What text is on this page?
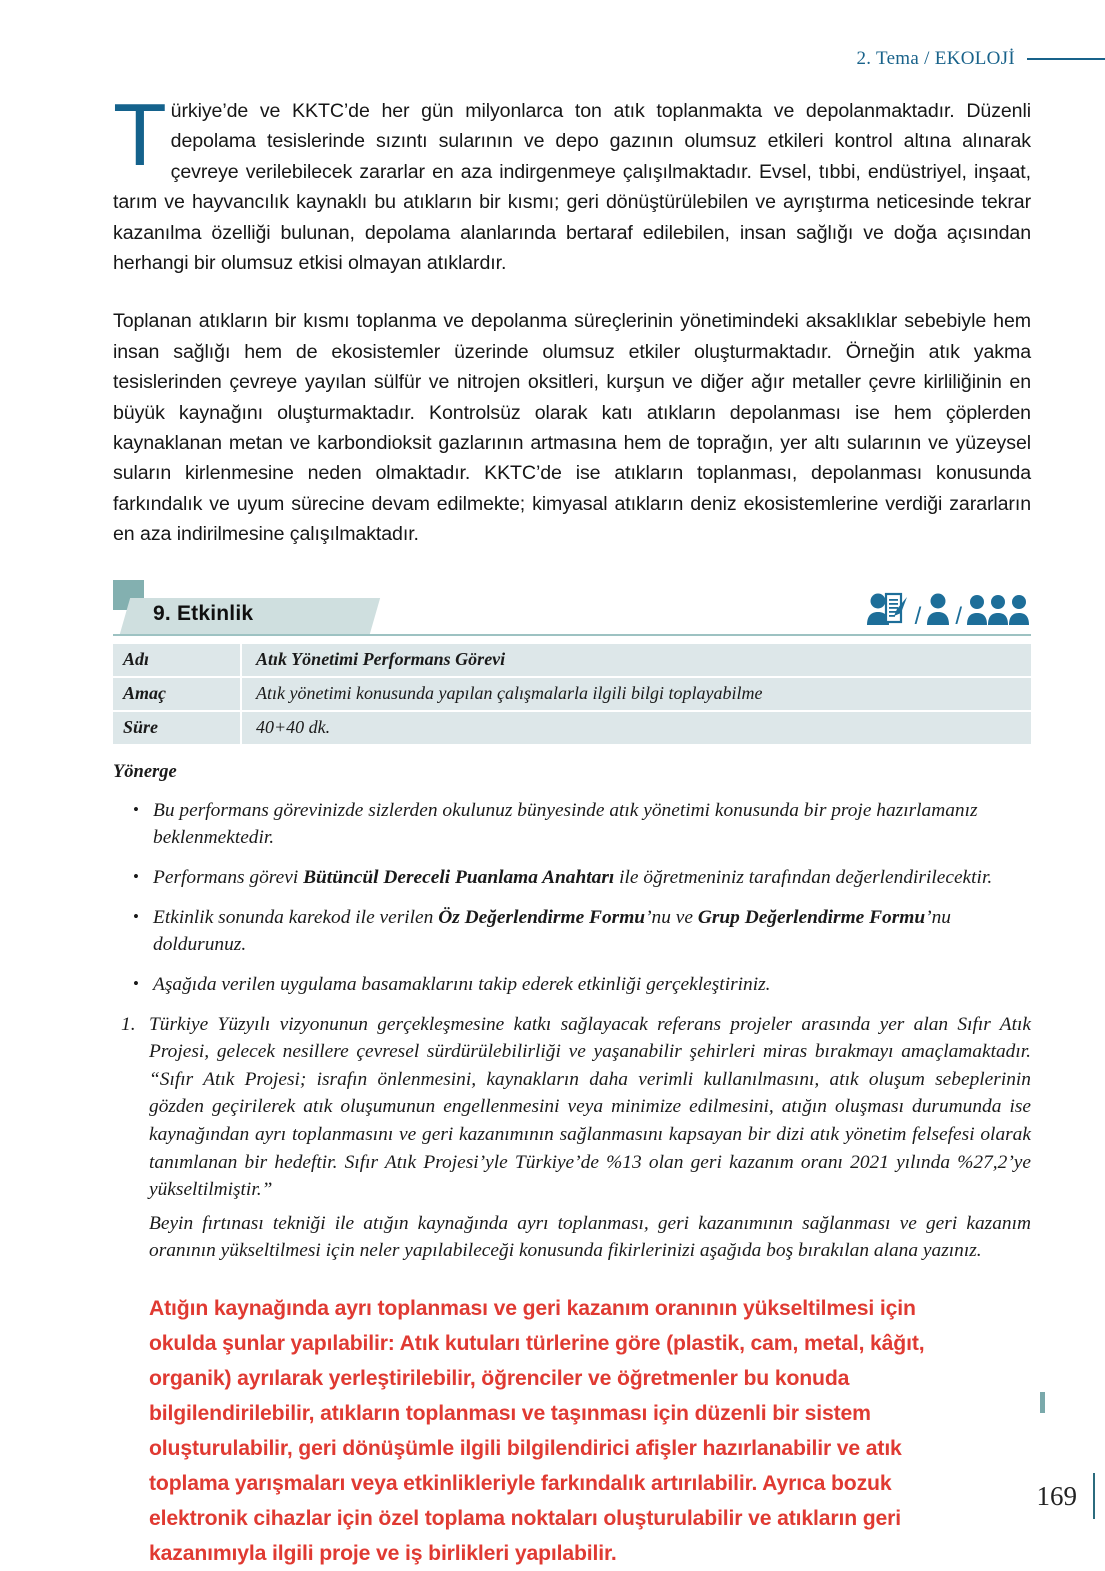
2. Tema / EKOLOJİ

Türkiye’de ve KKTC’de her gün milyonlarca ton atık toplanmakta ve depolanmaktadır. Düzenli depolama tesislerinde sızıntı sularının ve depo gazının olumsuz etkileri kontrol altına alınarak çevreye verilebilecek zararlar en aza indirgenmeye çalışılmaktadır. Evsel, tıbbi, endüstriyel, inşaat, tarım ve hayvancılık kaynaklı bu atıkların bir kısmı; geri dönüştürülebilen ve ayrıştırma neticesinde tekrar kazanılma özelliği bulunan, depolama alanlarında bertaraf edilebilen, insan sağlığı ve doğa açısından herhangi bir olumsuz etkisi olmayan atıklardır.

Toplanan atıkların bir kısmı toplanma ve depolanma süreçlerinin yönetimindeki aksaklıklar sebebiyle hem insan sağlığı hem de ekosistemler üzerinde olumsuz etkiler oluşturmaktadır. Örneğin atık yakma tesislerinden çevreye yayılan sülfür ve nitrojen oksitleri, kurşun ve diğer ağır metaller çevre kirliliğinin en büyük kaynağını oluşturmaktadır. Kontrolsüz olarak katı atıkların depolanması ise hem çöplerden kaynaklanan metan ve karbondioksit gazlarının artmasına hem de toprağın, yer altı sularının ve yüzeysel suların kirlenmesine neden olmaktadır. KKTC’de ise atıkların toplanması, depolanması konusunda farkındalık ve uyum sürecine devam edilmekte; kimyasal atıkların deniz ekosistemlerine verdiği zararların en aza indirilmesine çalışılmaktadır.

9. Etkinlik	/ /
Adı	Atık Yönetimi Performans Görevi
Amaç	Atık yönetimi konusunda yapılan çalışmalarla ilgili bilgi toplayabilme
Süre	40+40 dk.
Yönerge
• Bu performans görevinizde sizlerden okulunuz bünyesinde atık yönetimi konusunda bir proje hazırlamanız beklenmektedir.
• Performans görevi Bütüncül Dereceli Puanlama Anahtarı ile öğretmeniniz tarafından değerlendirilecektir.
• Etkinlik sonunda karekod ile verilen Öz Değerlendirme Formu’nu ve Grup Değerlendirme Formu’nu doldurunuz.
• Aşağıda verilen uygulama basamaklarını takip ederek etkinliği gerçekleştiriniz.
1. Türkiye Yüzyılı vizyonunun gerçekleşmesine katkı sağlayacak referans projeler arasında yer alan Sıfır Atık Projesi, gelecek nesillere çevresel sürdürülebilirliği ve yaşanabilir şehirleri miras bırakmayı amaçlamaktadır. “Sıfır Atık Projesi; israfın önlenmesini, kaynakların daha verimli kullanılmasını, atık oluşum sebeplerinin gözden geçirilerek atık oluşumunun engellenmesini veya minimize edilmesini, atığın oluşması durumunda ise kaynağından ayrı toplanmasını ve geri kazanımının sağlanmasını kapsayan bir dizi atık yönetim felsefesi olarak tanımlanan bir hedeftir. Sıfır Atık Projesi’yle Türkiye’de %13 olan geri kazanım oranı 2021 yılında %27,2’ye yükseltilmiştir.”
Beyin fırtınası tekniği ile atığın kaynağında ayrı toplanması, geri kazanımının sağlanması ve geri kazanım oranının yükseltilmesi için neler yapılabileceği konusunda fikirlerinizi aşağıda boş bırakılan alana yazınız.
Atığın kaynağında ayrı toplanması ve geri kazanım oranının yükseltilmesi için okulda şunlar yapılabilir: Atık kutuları türlerine göre (plastik, cam, metal, kâğıt, organik) ayrılarak yerleştirilebilir, öğrenciler ve öğretmenler bu konuda bilgilendirilebilir, atıkların toplanması ve taşınması için düzenli bir sistem oluşturulabilir, geri dönüşümle ilgili bilgilendirici afişler hazırlanabilir ve atık toplama yarışmaları veya etkinlikleriyle farkındalık artırılabilir. Ayrıca bozuk elektronik cihazlar için özel toplama noktaları oluşturulabilir ve atıkların geri kazanımıyla ilgili proje ve iş birlikleri yapılabilir.
169
